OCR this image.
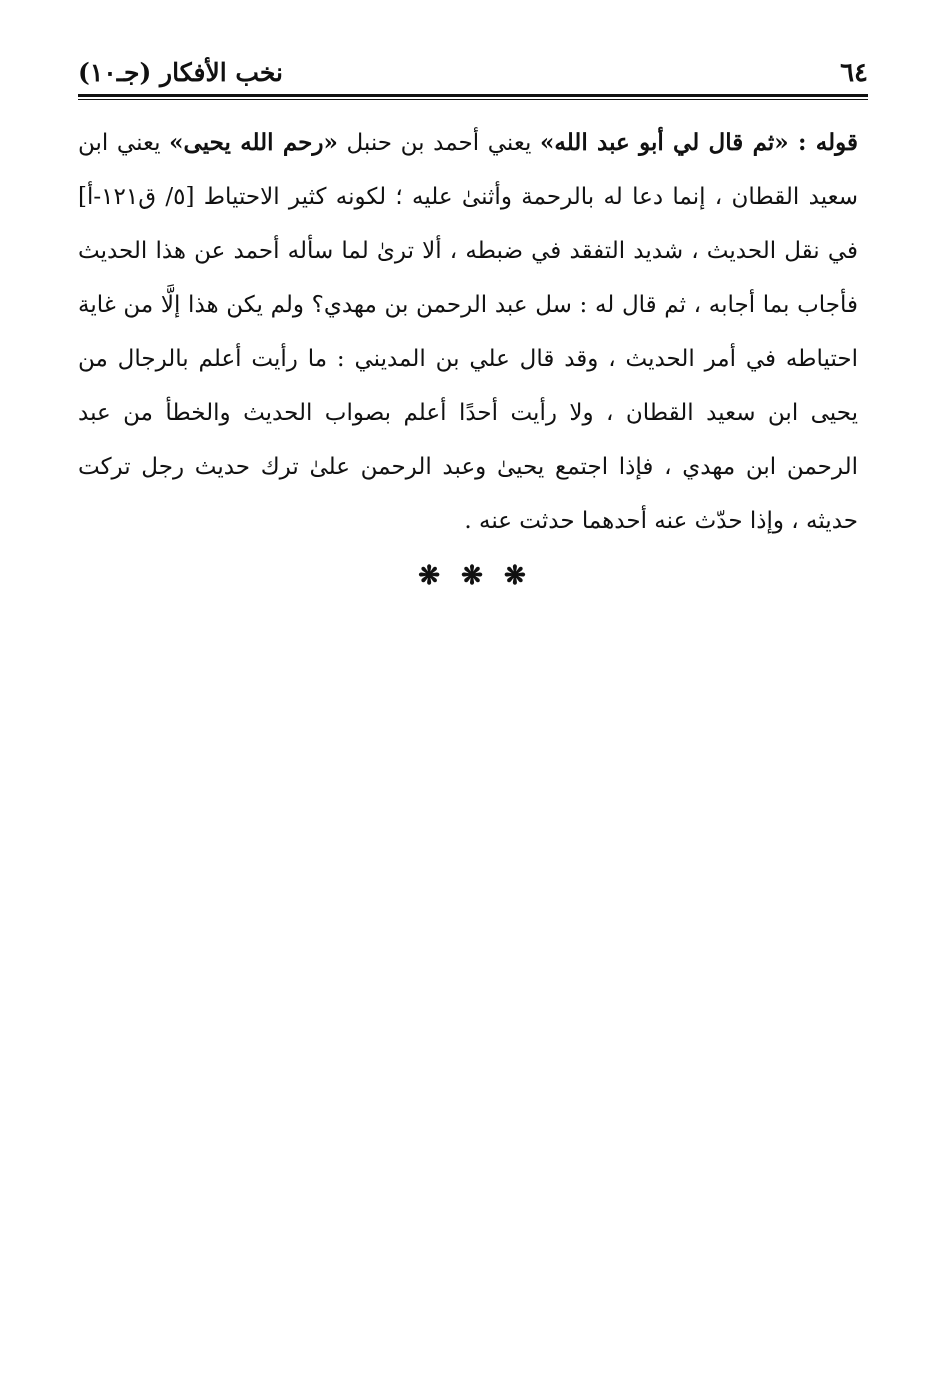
٦٤
نخب الأفكار (جـ١٠)

قوله : «ثم قال لي أبو عبد الله» يعني أحمد بن حنبل «رحم الله يحيى» يعني ابن سعيد القطان ، إنما دعا له بالرحمة وأثنىٰ عليه ؛ لكونه كثير الاحتياط [٥/ ق١٢١-أ] في نقل الحديث ، شديد التفقد في ضبطه ، ألا ترىٰ لما سأله أحمد عن هذا الحديث فأجاب بما أجابه ، ثم قال له : سل عبد الرحمن بن مهدي؟ ولم يكن هذا إلَّا من غاية احتياطه في أمر الحديث ، وقد قال علي بن المديني : ما رأيت أعلم بالرجال من يحيى ابن سعيد القطان ، ولا رأيت أحدًا أعلم بصواب الحديث والخطأ من عبد الرحمن ابن مهدي ، فإذا اجتمع يحيىٰ وعبد الرحمن علىٰ ترك حديث رجل تركت حديثه ، وإذا حدّث عنه أحدهما حدثت عنه .

❋ ❋ ❋
